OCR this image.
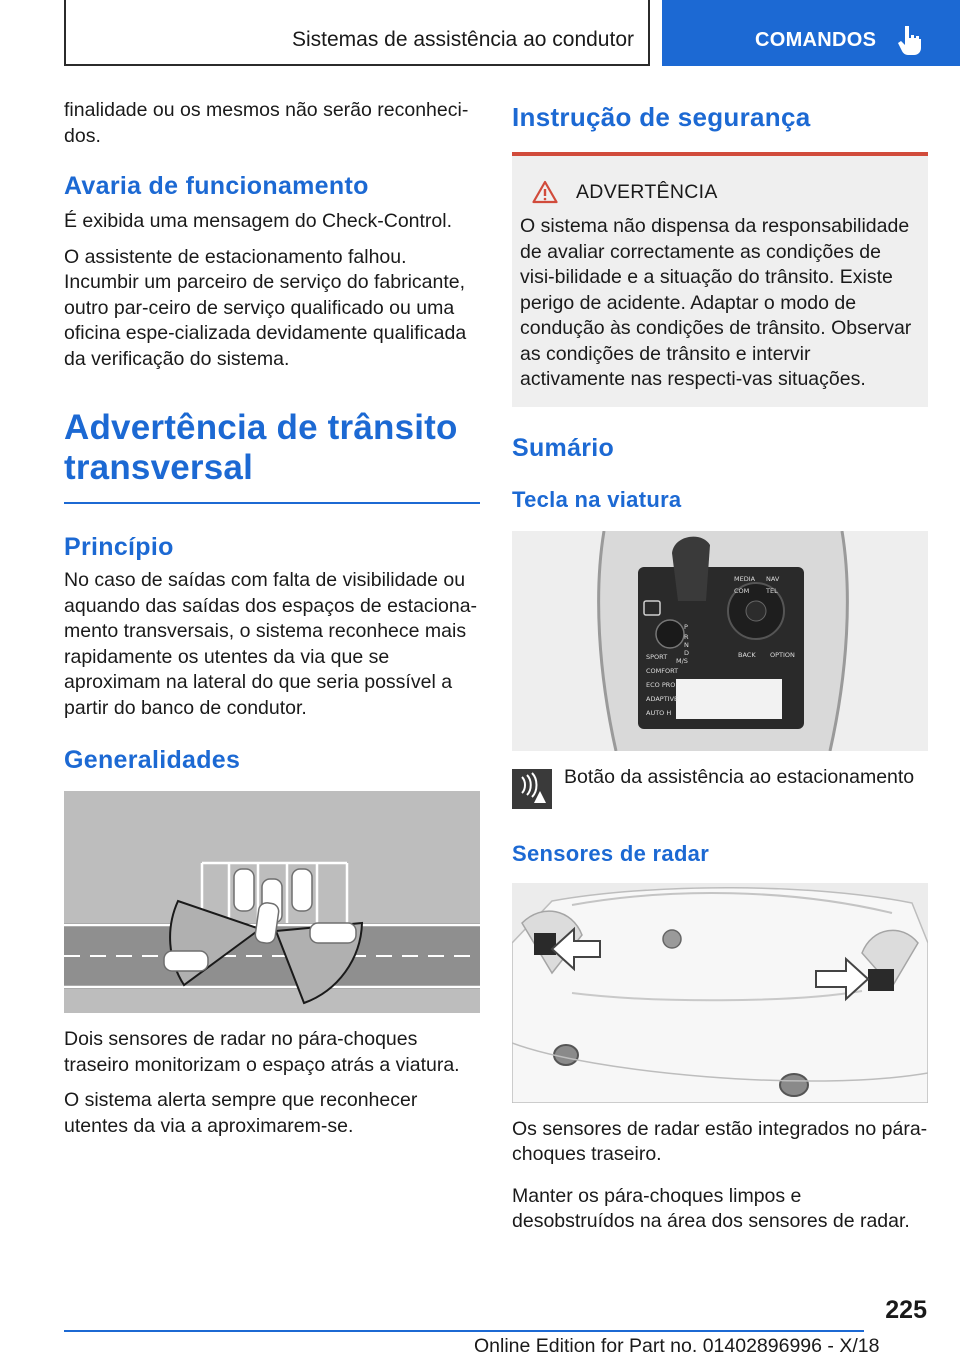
Sistemas de assistência ao condutor	COMANDOS

finalidade ou os mesmos não serão reconheci-dos.

Avaria de funcionamento

É exibida uma mensagem do Check-Control.

O assistente de estacionamento falhou. Incumbir um parceiro de serviço do fabricante, outro par-ceiro de serviço qualificado ou uma oficina espe-cializada devidamente qualificada da verificação do sistema.

Advertência de trânsito
transversal
Princípio

No caso de saídas com falta de visibilidade ou aquando das saídas dos espaços de estaciona-mento transversais, o sistema reconhece mais rapidamente os utentes da via que se aproximam na lateral do que seria possível a partir do banco de condutor.

Generalidades

Dois sensores de radar no pára-choques traseiro monitorizam o espaço atrás a viatura.

O sistema alerta sempre que reconhecer utentes da via a aproximarem-se.

Instrução de segurança
ADVERTÊNCIA

O sistema não dispensa da responsabilidade de avaliar correctamente as condições de visi-bilidade e a situação do trânsito. Existe perigo de acidente. Adaptar o modo de condução às condições de trânsito. Observar as condições de trânsito e intervir activamente nas respecti-vas situações.

Sumário
Tecla na viatura
MEDIA NAV
TEL
COM
BACK OPTION
SPORT
COMFORT
ECO PRO
ADAPTIVE
AUTO H
R
N
D
M/S
P
Botão da assistência ao estacionamento
Sensores de radar

Os sensores de radar estão integrados no pára-choques traseiro.

Manter os pára-choques limpos e desobstruídos na área dos sensores de radar.

225
Online Edition for Part no. 01402896996 - X/18
